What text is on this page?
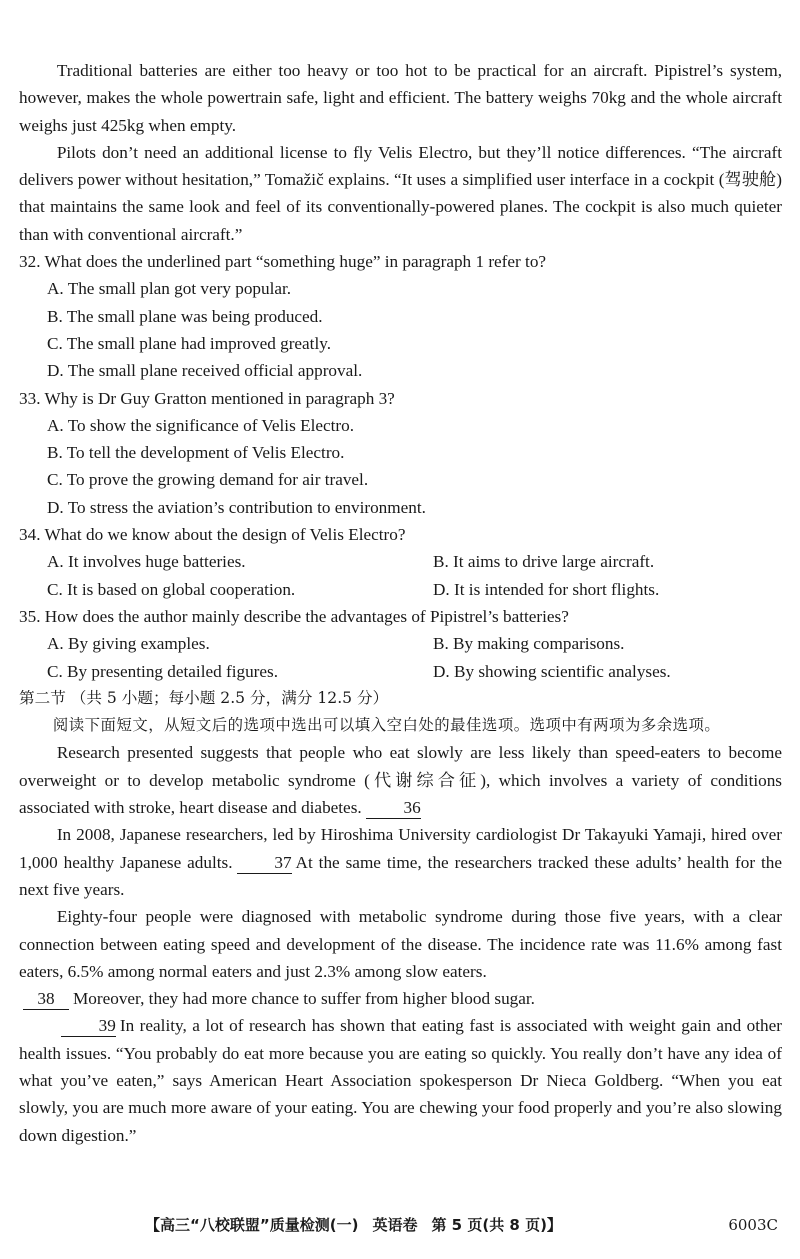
Traditional batteries are either too heavy or too hot to be practical for an aircraft. Pipistrel’s system, however, makes the whole powertrain safe, light and efficient. The battery weighs 70kg and the whole aircraft weighs just 425kg when empty.

Pilots don’t need an additional license to fly Velis Electro, but they’ll notice differences. “The aircraft delivers power without hesitation,” Tomažič explains. “It uses a simplified user interface in a cockpit (驾驶舱) that maintains the same look and feel of its conventionally-powered planes. The cockpit is also much quieter than with conventional aircraft.”

32. What does the underlined part “something huge” in paragraph 1 refer to?

A. The small plan got very popular.

B. The small plane was being produced.

C. The small plane had improved greatly.

D. The small plane received official approval.

33. Why is Dr Guy Gratton mentioned in paragraph 3?

A. To show the significance of Velis Electro.

B. To tell the development of Velis Electro.

C. To prove the growing demand for air travel.

D. To stress the aviation’s contribution to environment.

34. What do we know about the design of Velis Electro?

A. It involves huge batteries.	B. It aims to drive large aircraft.
C. It is based on global cooperation.	D. It is intended for short flights.

35. How does the author mainly describe the advantages of Pipistrel’s batteries?

A. By giving examples.	B. By making comparisons.
C. By presenting detailed figures.	D. By showing scientific analyses.

第二节 （共 5 小题；每小题 2.5 分，满分 12.5 分）

阅读下面短文，从短文后的选项中选出可以填入空白处的最佳选项。选项中有两项为多余选项。

Research presented suggests that people who eat slowly are less likely than speed-eaters to become overweight or to develop metabolic syndrome (代谢综合征), which involves a variety of conditions associated with stroke, heart disease and diabetes. 36

In 2008, Japanese researchers, led by Hiroshima University cardiologist Dr Takayuki Yamaji, hired over 1,000 healthy Japanese adults. 37 At the same time, the researchers tracked these adults’ health for the next five years.

Eighty-four people were diagnosed with metabolic syndrome during those five years, with a clear connection between eating speed and development of the disease. The incidence rate was 11.6% among fast eaters, 6.5% among normal eaters and just 2.3% among slow eaters.

38 Moreover, they had more chance to suffer from higher blood sugar.

39 In reality, a lot of research has shown that eating fast is associated with weight gain and other health issues. “You probably do eat more because you are eating so quickly. You really don’t have any idea of what you’ve eaten,” says American Heart Association spokesperson Dr Nieca Goldberg. “When you eat slowly, you are much more aware of your eating. You are chewing your food properly and you’re also slowing down digestion.”

【高三“八校联盟”质量检测(一) 英语卷 第 5 页(共 8 页)】	6003C
